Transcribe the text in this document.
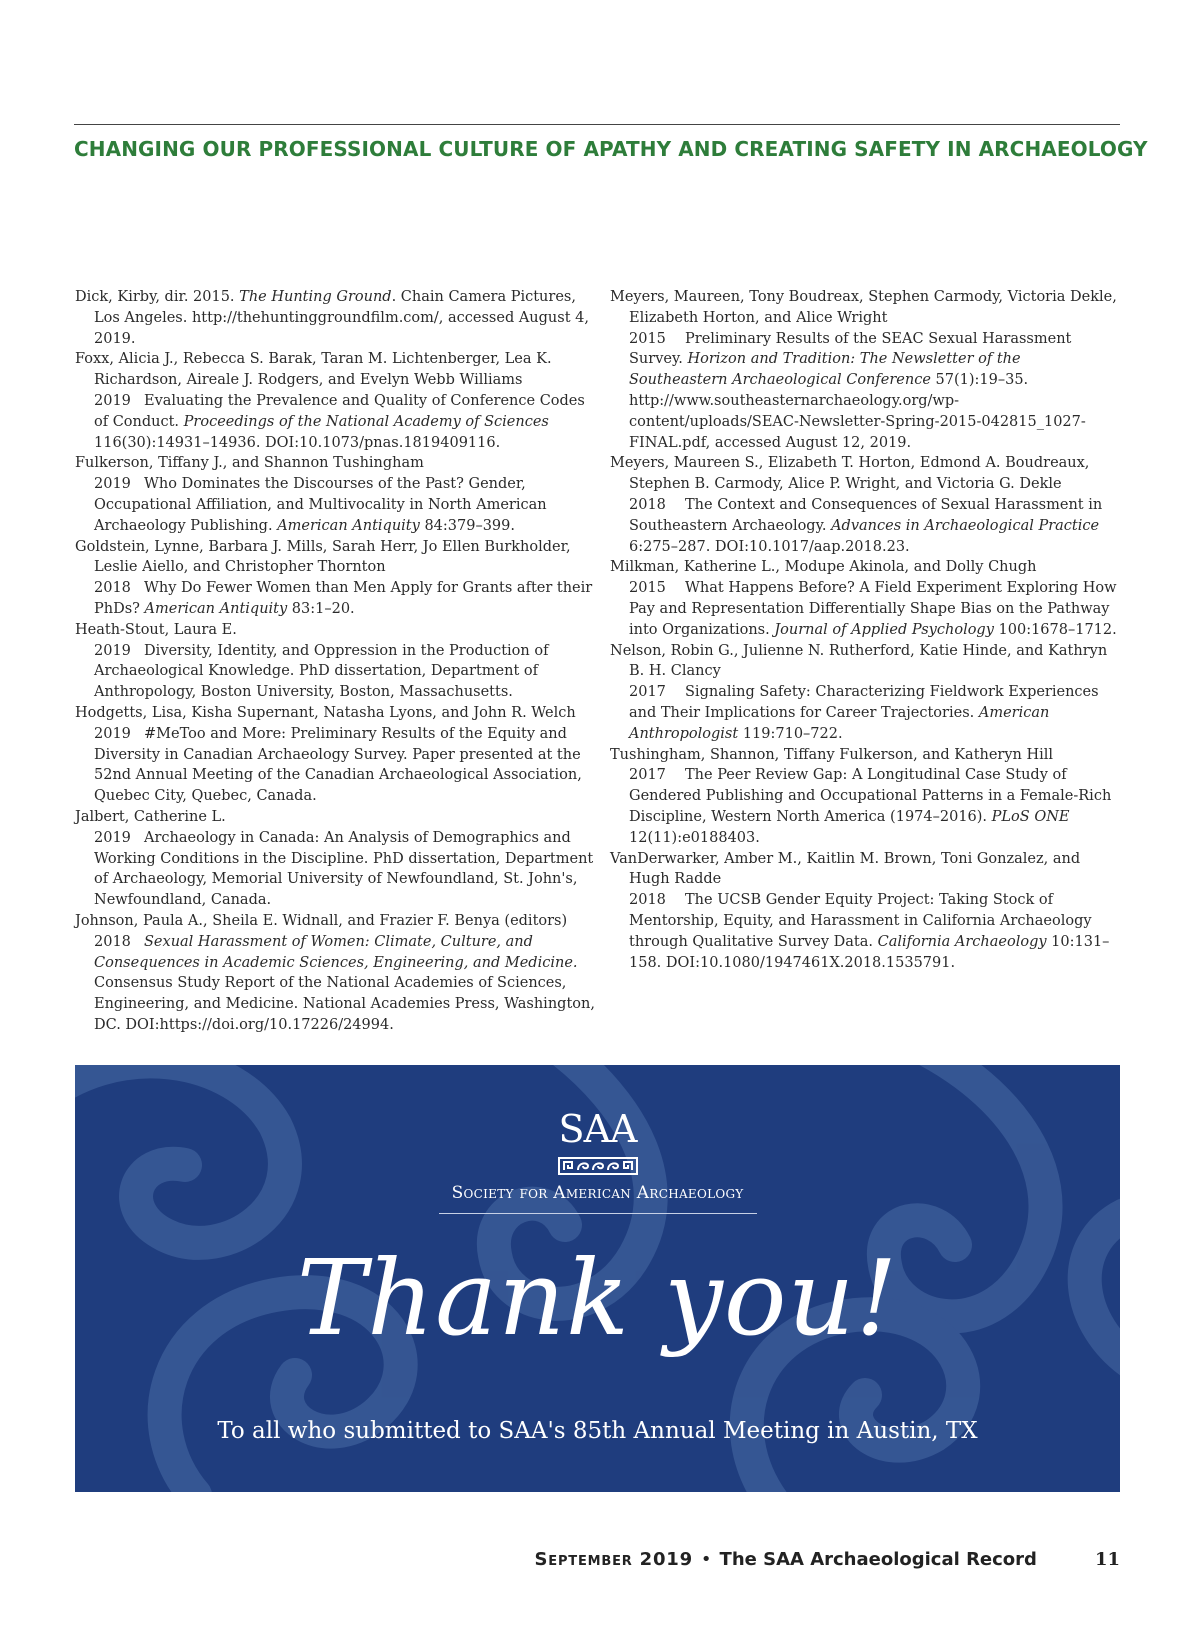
CHANGING OUR PROFESSIONAL CULTURE OF APATHY AND CREATING SAFETY IN ARCHAEOLOGY
Dick, Kirby, dir. 2015. The Hunting Ground. Chain Camera Pictures, Los Angeles. http://thehuntinggroundfilm.com/, accessed August 4, 2019.
Foxx, Alicia J., Rebecca S. Barak, Taran M. Lichtenberger, Lea K. Richardson, Aireale J. Rodgers, and Evelyn Webb Williams
2019 Evaluating the Prevalence and Quality of Conference Codes of Conduct. Proceedings of the National Academy of Sciences 116(30):14931–14936. DOI:10.1073/pnas.1819409116.
Fulkerson, Tiffany J., and Shannon Tushingham
2019 Who Dominates the Discourses of the Past? Gender, Occupational Affiliation, and Multivocality in North American Archaeology Publishing. American Antiquity 84:379–399.
Goldstein, Lynne, Barbara J. Mills, Sarah Herr, Jo Ellen Burkholder, Leslie Aiello, and Christopher Thornton
2018 Why Do Fewer Women than Men Apply for Grants after their PhDs? American Antiquity 83:1–20.
Heath-Stout, Laura E.
2019 Diversity, Identity, and Oppression in the Production of Archaeological Knowledge. PhD dissertation, Department of Anthropology, Boston University, Boston, Massachusetts.
Hodgetts, Lisa, Kisha Supernant, Natasha Lyons, and John R. Welch
2019 #MeToo and More: Preliminary Results of the Equity and Diversity in Canadian Archaeology Survey. Paper presented at the 52nd Annual Meeting of the Canadian Archaeological Association, Quebec City, Quebec, Canada.
Jalbert, Catherine L.
2019 Archaeology in Canada: An Analysis of Demographics and Working Conditions in the Discipline. PhD dissertation, Department of Archaeology, Memorial University of Newfoundland, St. John's, Newfoundland, Canada.
Johnson, Paula A., Sheila E. Widnall, and Frazier F. Benya (editors)
2018 Sexual Harassment of Women: Climate, Culture, and Consequences in Academic Sciences, Engineering, and Medicine. Consensus Study Report of the National Academies of Sciences, Engineering, and Medicine. National Academies Press, Washington, DC. DOI:https://doi.org/10.17226/24994.
Meyers, Maureen, Tony Boudreax, Stephen Carmody, Victoria Dekle, Elizabeth Horton, and Alice Wright
2015 Preliminary Results of the SEAC Sexual Harassment Survey. Horizon and Tradition: The Newsletter of the Southeastern Archaeological Conference 57(1):19–35. http://www.southeasternarchaeology.org/wp-content/uploads/SEAC-Newsletter-Spring-2015-042815_1027-FINAL.pdf, accessed August 12, 2019.
Meyers, Maureen S., Elizabeth T. Horton, Edmond A. Boudreaux, Stephen B. Carmody, Alice P. Wright, and Victoria G. Dekle
2018 The Context and Consequences of Sexual Harassment in Southeastern Archaeology. Advances in Archaeological Practice 6:275–287. DOI:10.1017/aap.2018.23.
Milkman, Katherine L., Modupe Akinola, and Dolly Chugh
2015 What Happens Before? A Field Experiment Exploring How Pay and Representation Differentially Shape Bias on the Pathway into Organizations. Journal of Applied Psychology 100:1678–1712.
Nelson, Robin G., Julienne N. Rutherford, Katie Hinde, and Kathryn B. H. Clancy
2017 Signaling Safety: Characterizing Fieldwork Experiences and Their Implications for Career Trajectories. American Anthropologist 119:710–722.
Tushingham, Shannon, Tiffany Fulkerson, and Katheryn Hill
2017 The Peer Review Gap: A Longitudinal Case Study of Gendered Publishing and Occupational Patterns in a Female-Rich Discipline, Western North America (1974–2016). PLoS ONE 12(11):e0188403.
VanDerwarker, Amber M., Kaitlin M. Brown, Toni Gonzalez, and Hugh Radde
2018 The UCSB Gender Equity Project: Taking Stock of Mentorship, Equity, and Harassment in California Archaeology through Qualitative Survey Data. California Archaeology 10:131–158. DOI:10.1080/1947461X.2018.1535791.
SAA
Society for American Archaeology
Thank you!
To all who submitted to SAA's 85th Annual Meeting in Austin, TX
September 2019 • The SAA Archaeological Record	11
